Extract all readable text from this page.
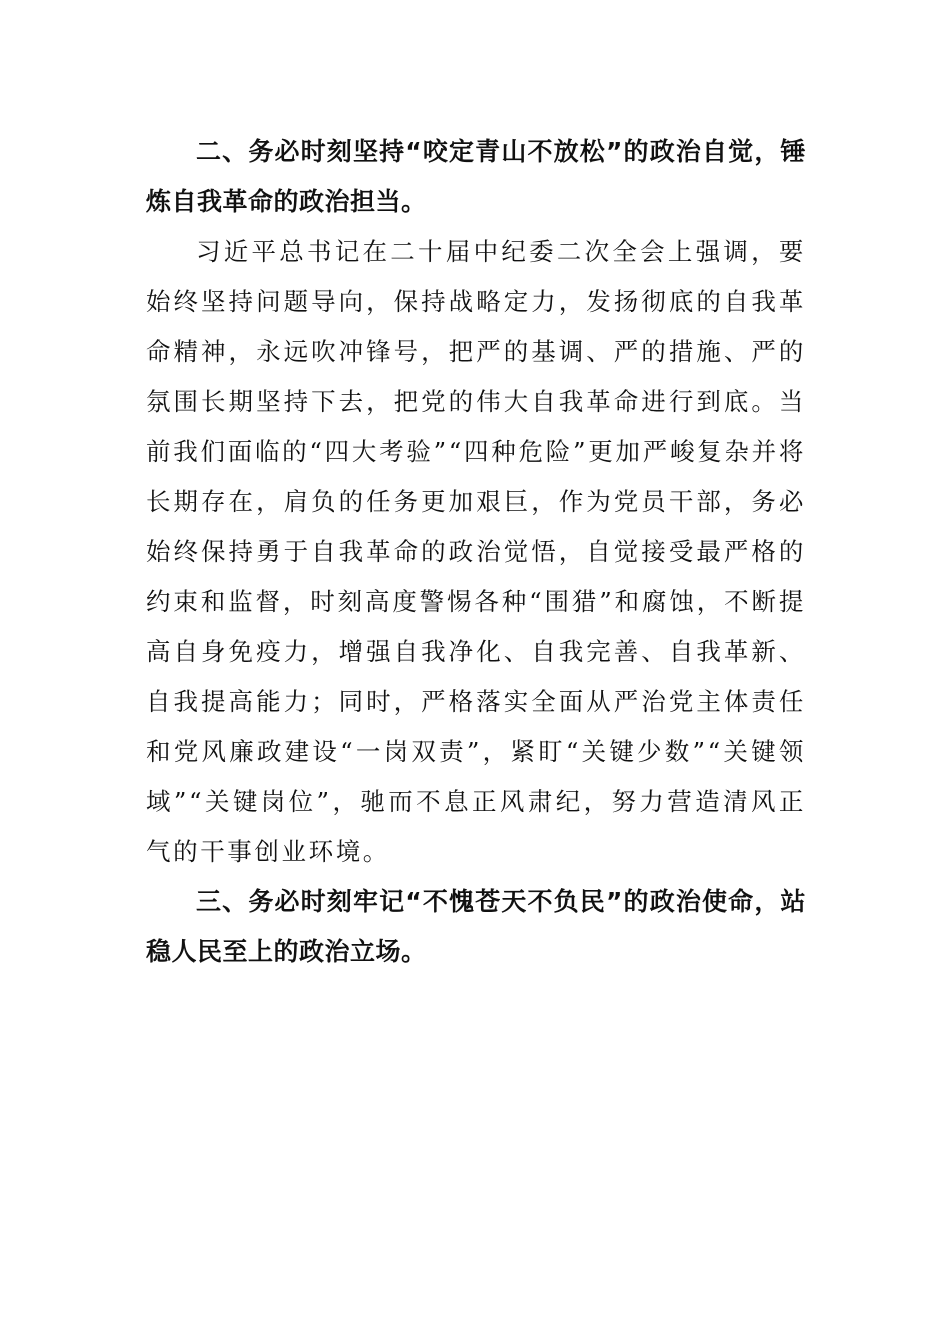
二、务必时刻坚持“咬定青山不放松”的政治自觉，锤炼自我革命的政治担当。

习近平总书记在二十届中纪委二次全会上强调，要始终坚持问题导向，保持战略定力，发扬彻底的自我革命精神，永远吹冲锋号，把严的基调、严的措施、严的氛围长期坚持下去，把党的伟大自我革命进行到底。当前我们面临的“四大考验”“四种危险”更加严峻复杂并将长期存在，肩负的任务更加艰巨，作为党员干部，务必始终保持勇于自我革命的政治觉悟，自觉接受最严格的约束和监督，时刻高度警惕各种“围猎”和腐蚀，不断提高自身免疫力，增强自我净化、自我完善、自我革新、自我提高能力；同时，严格落实全面从严治党主体责任和党风廉政建设“一岗双责”，紧盯“关键少数”“关键领域”“关键岗位”，驰而不息正风肃纪，努力营造清风正气的干事创业环境。

三、务必时刻牢记“不愧苍天不负民”的政治使命，站稳人民至上的政治立场。
